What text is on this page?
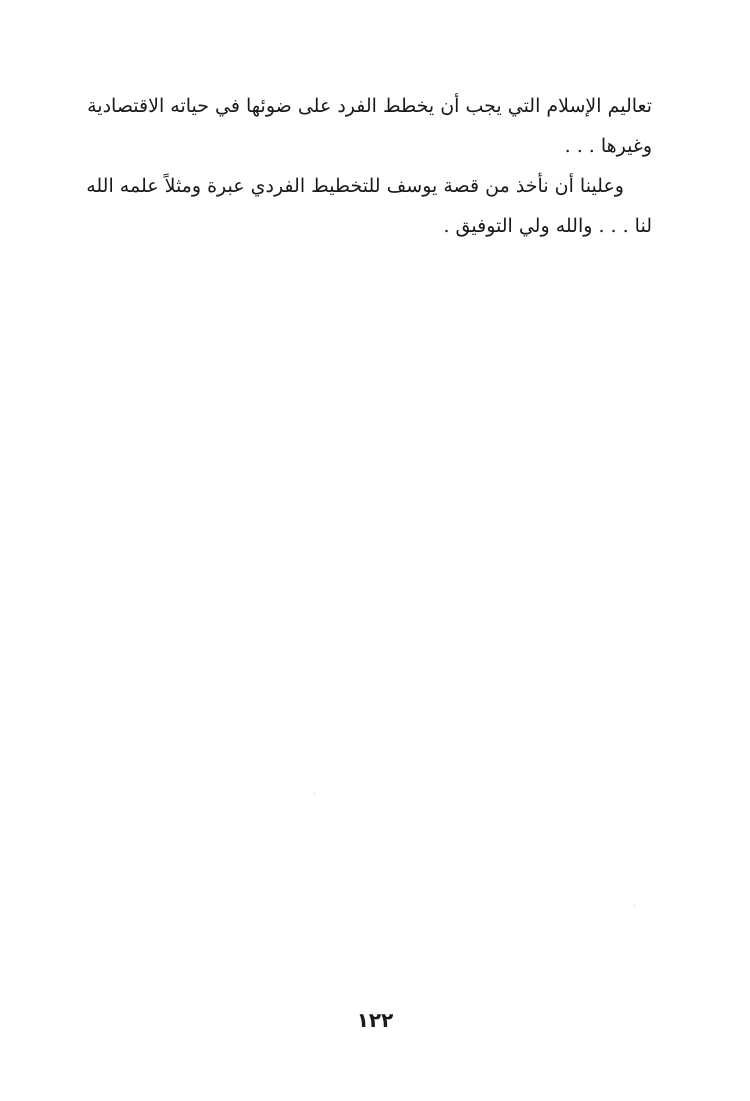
تعاليم الإسلام التي يجب أن يخطط الفرد على ضوئها في حياته الاقتصادية
وغيرها . . .

وعلينا أن نأخذ من قصة يوسف للتخطيط الفردي عبرة ومثلاً علمه الله
لنا . . . والله ولي التوفيق .

١٢٢
